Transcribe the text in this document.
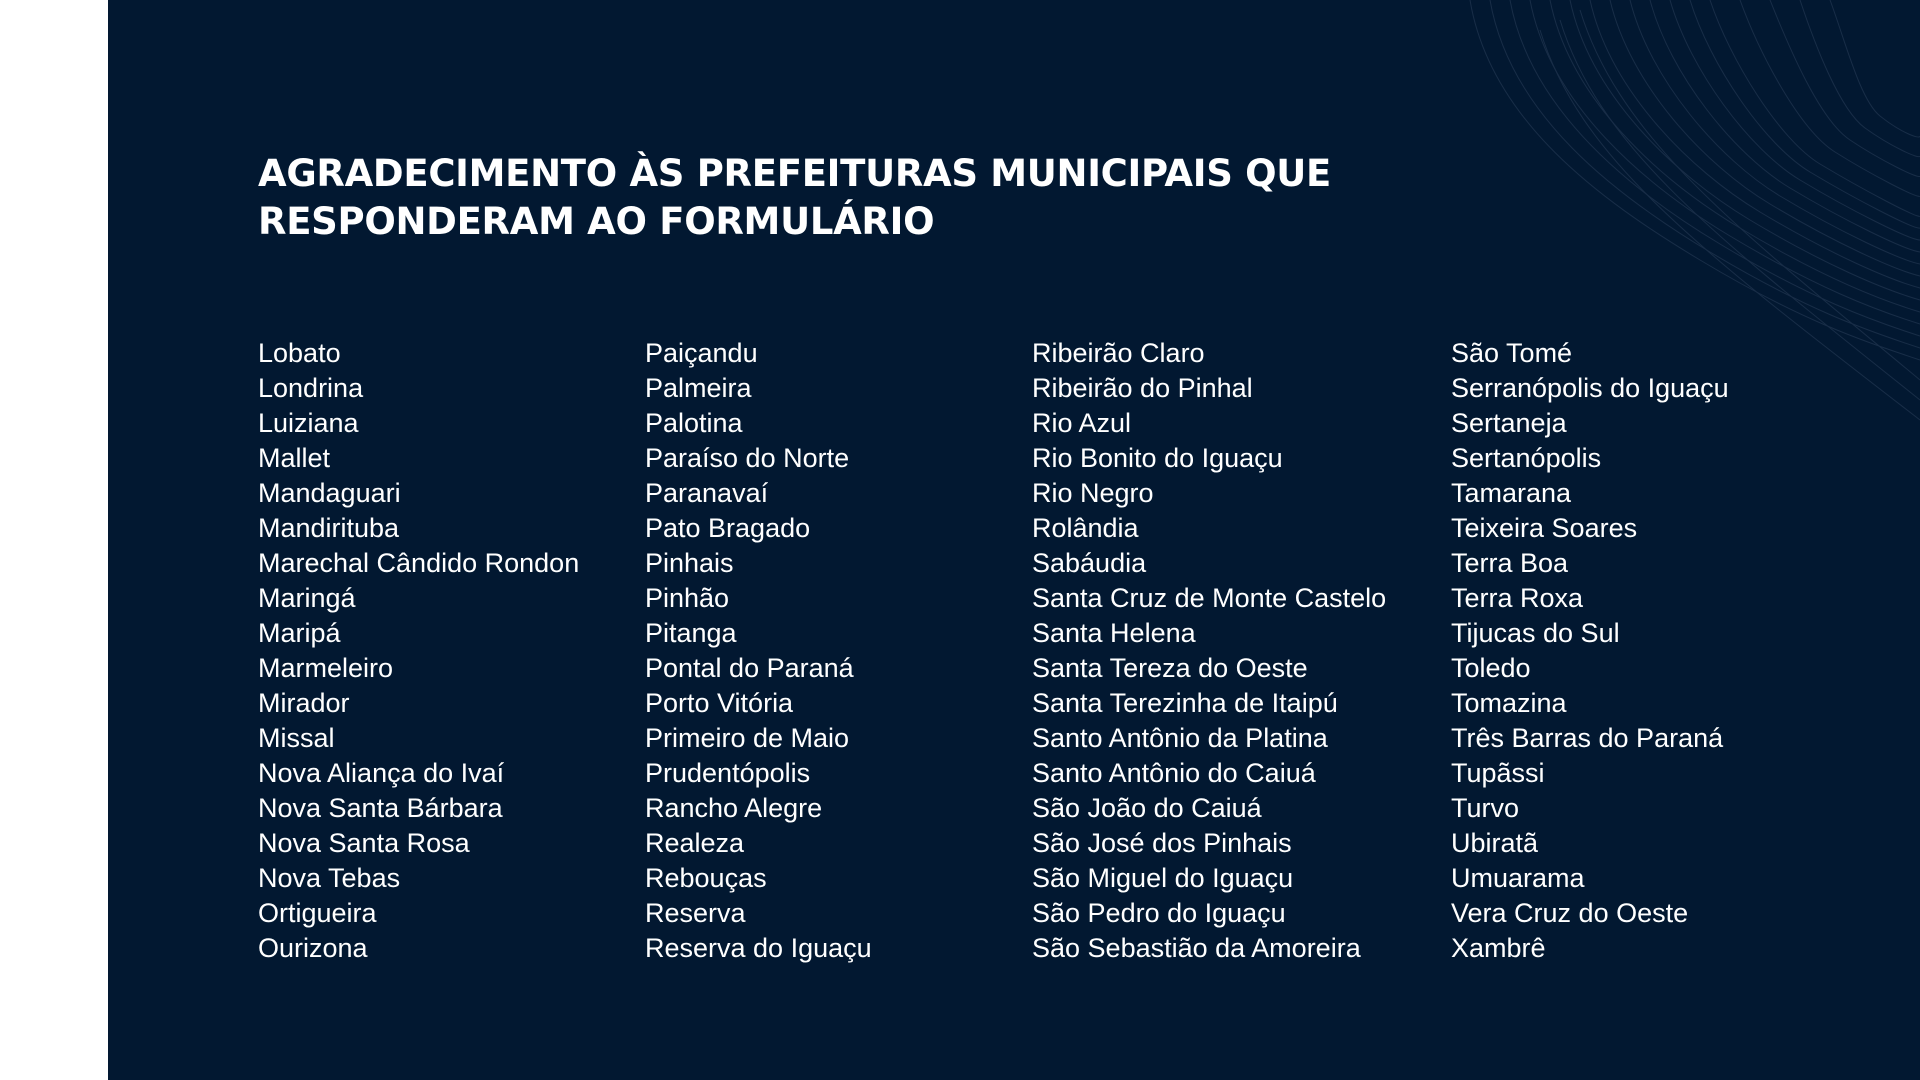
AGRADECIMENTO ÀS PREFEITURAS MUNICIPAIS QUE
RESPONDERAM AO FORMULÁRIO
Lobato
Londrina
Luiziana
Mallet
Mandaguari
Mandirituba
Marechal Cândido Rondon
Maringá
Maripá
Marmeleiro
Mirador
Missal
Nova Aliança do Ivaí
Nova Santa Bárbara
Nova Santa Rosa
Nova Tebas
Ortigueira
Ourizona
Paiçandu
Palmeira
Palotina
Paraíso do Norte
Paranavaí
Pato Bragado
Pinhais
Pinhão
Pitanga
Pontal do Paraná
Porto Vitória
Primeiro de Maio
Prudentópolis
Rancho Alegre
Realeza
Rebouças
Reserva
Reserva do Iguaçu
Ribeirão Claro
Ribeirão do Pinhal
Rio Azul
Rio Bonito do Iguaçu
Rio Negro
Rolândia
Sabáudia
Santa Cruz de Monte Castelo
Santa Helena
Santa Tereza do Oeste
Santa Terezinha de Itaipú
Santo Antônio da Platina
Santo Antônio do Caiuá
São João do Caiuá
São José dos Pinhais
São Miguel do Iguaçu
São Pedro do Iguaçu
São Sebastião da Amoreira
São Tomé
Serranópolis do Iguaçu
Sertaneja
Sertanópolis
Tamarana
Teixeira Soares
Terra Boa
Terra Roxa
Tijucas do Sul
Toledo
Tomazina
Três Barras do Paraná
Tupãssi
Turvo
Ubiratã
Umuarama
Vera Cruz do Oeste
Xambrê
